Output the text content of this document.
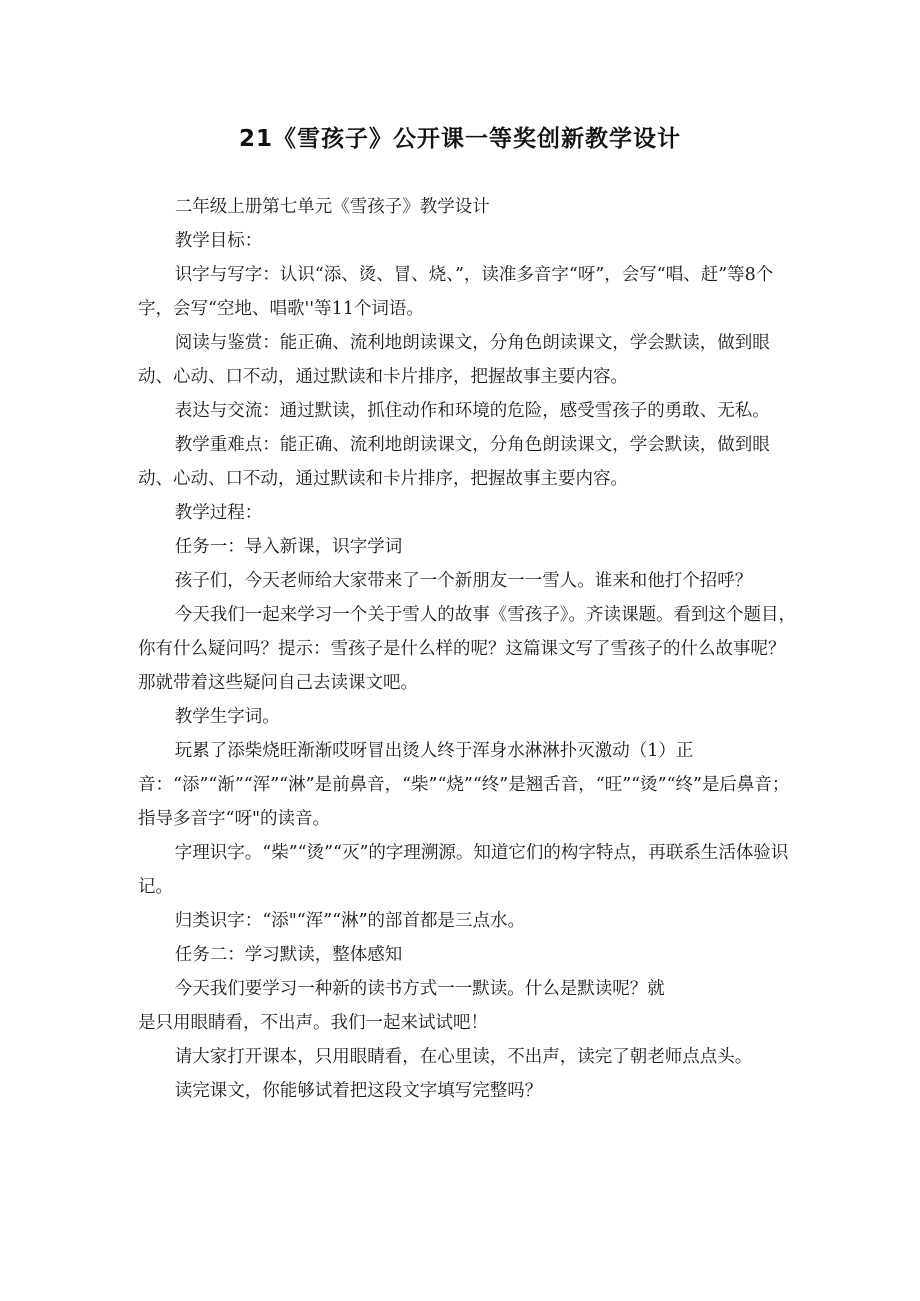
21《雪孩子》公开课一等奖创新教学设计

二年级上册第七单元《雪孩子》教学设计

教学目标：

识字与写字：认识“添、烫、冒、烧、”，读准多音字“呀”，会写“唱、赶”等8个字，会写“空地、唱歌''等11个词语。

阅读与鉴赏：能正确、流利地朗读课文，分角色朗读课文，学会默读，做到眼动、心动、口不动，通过默读和卡片排序，把握故事主要内容。

表达与交流：通过默读，抓住动作和环境的危险，感受雪孩子的勇敢、无私。

教学重难点：能正确、流利地朗读课文，分角色朗读课文，学会默读，做到眼动、心动、口不动，通过默读和卡片排序，把握故事主要内容。

教学过程：

任务一：导入新课，识字学词

孩子们，今天老师给大家带来了一个新朋友一一雪人。谁来和他打个招呼？

今天我们一起来学习一个关于雪人的故事《雪孩子》。齐读课题。看到这个题目，你有什么疑问吗？提示：雪孩子是什么样的呢？这篇课文写了雪孩子的什么故事呢？那就带着这些疑问自己去读课文吧。

教学生字词。

玩累了添柴烧旺渐渐哎呀冒出烫人终于浑身水淋淋扑灭激动（1）正音：“添”“渐”“浑”“淋”是前鼻音，“柴”“烧”“终”是翘舌音，“旺”“烫”“终”是后鼻音；指导多音字“呀"的读音。

字理识字。“柴”“烫”“灭”的字理溯源。知道它们的构字特点，再联系生活体验识记。

归类识字：“添"“浑”“淋”的部首都是三点水。

任务二：学习默读，整体感知

今天我们要学习一种新的读书方式一一默读。什么是默读呢？就

是只用眼睛看，不出声。我们一起来试试吧！

请大家打开课本，只用眼睛看，在心里读，不出声，读完了朝老师点点头。

读完课文，你能够试着把这段文字填写完整吗？
